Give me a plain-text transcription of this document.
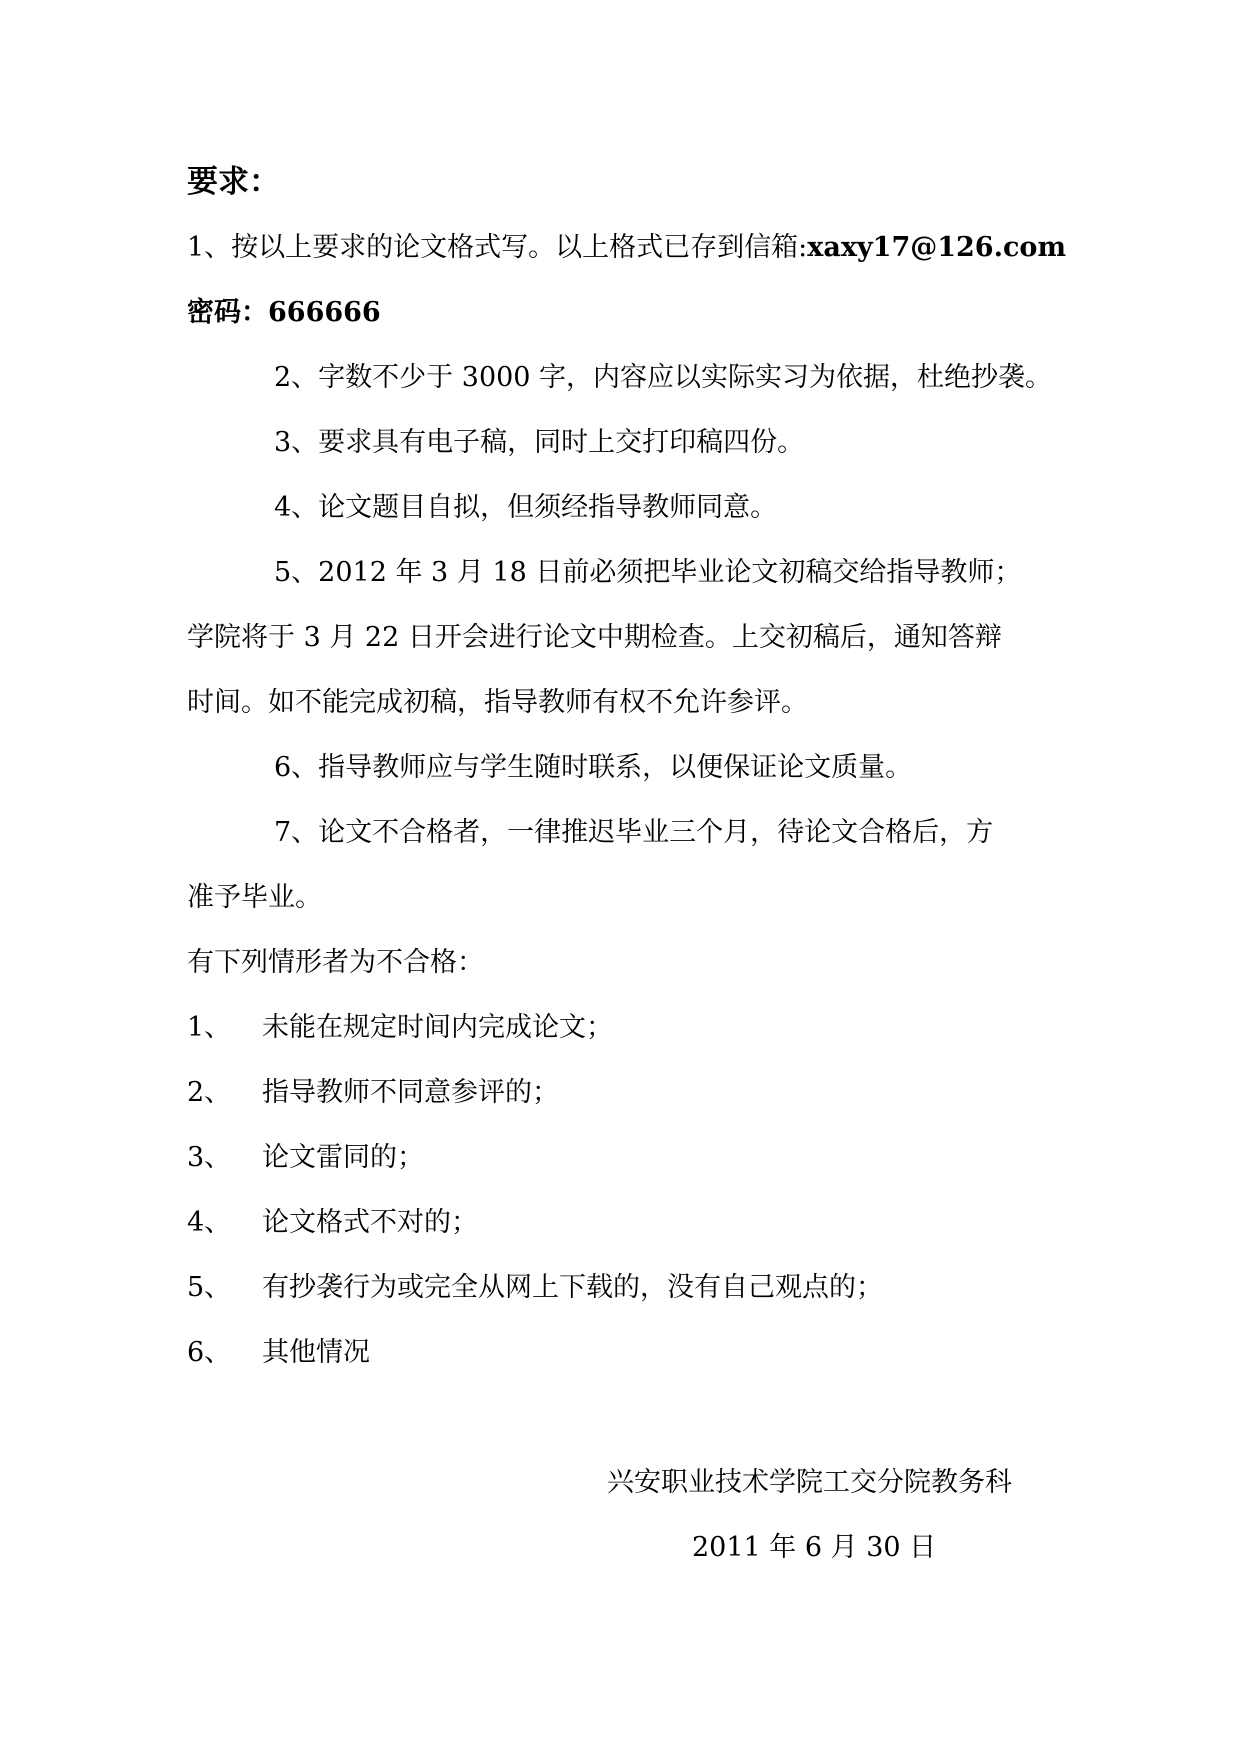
要求：
1、按以上要求的论文格式写。以上格式已存到信箱:xaxy17@126.com
密码：666666
2、字数不少于 3000 字，内容应以实际实习为依据，杜绝抄袭。
3、要求具有电子稿，同时上交打印稿四份。
4、论文题目自拟，但须经指导教师同意。
5、2012 年 3 月 18 日前必须把毕业论文初稿交给指导教师；
学院将于 3 月 22 日开会进行论文中期检查。上交初稿后，通知答辩
时间。如不能完成初稿，指导教师有权不允许参评。
6、指导教师应与学生随时联系，以便保证论文质量。
7、论文不合格者，一律推迟毕业三个月，待论文合格后，方
准予毕业。
有下列情形者为不合格：
1、 未能在规定时间内完成论文；
2、 指导教师不同意参评的；
3、 论文雷同的；
4、 论文格式不对的；
5、 有抄袭行为或完全从网上下载的，没有自己观点的；
6、 其他情况
兴安职业技术学院工交分院教务科
2011 年 6 月 30 日
